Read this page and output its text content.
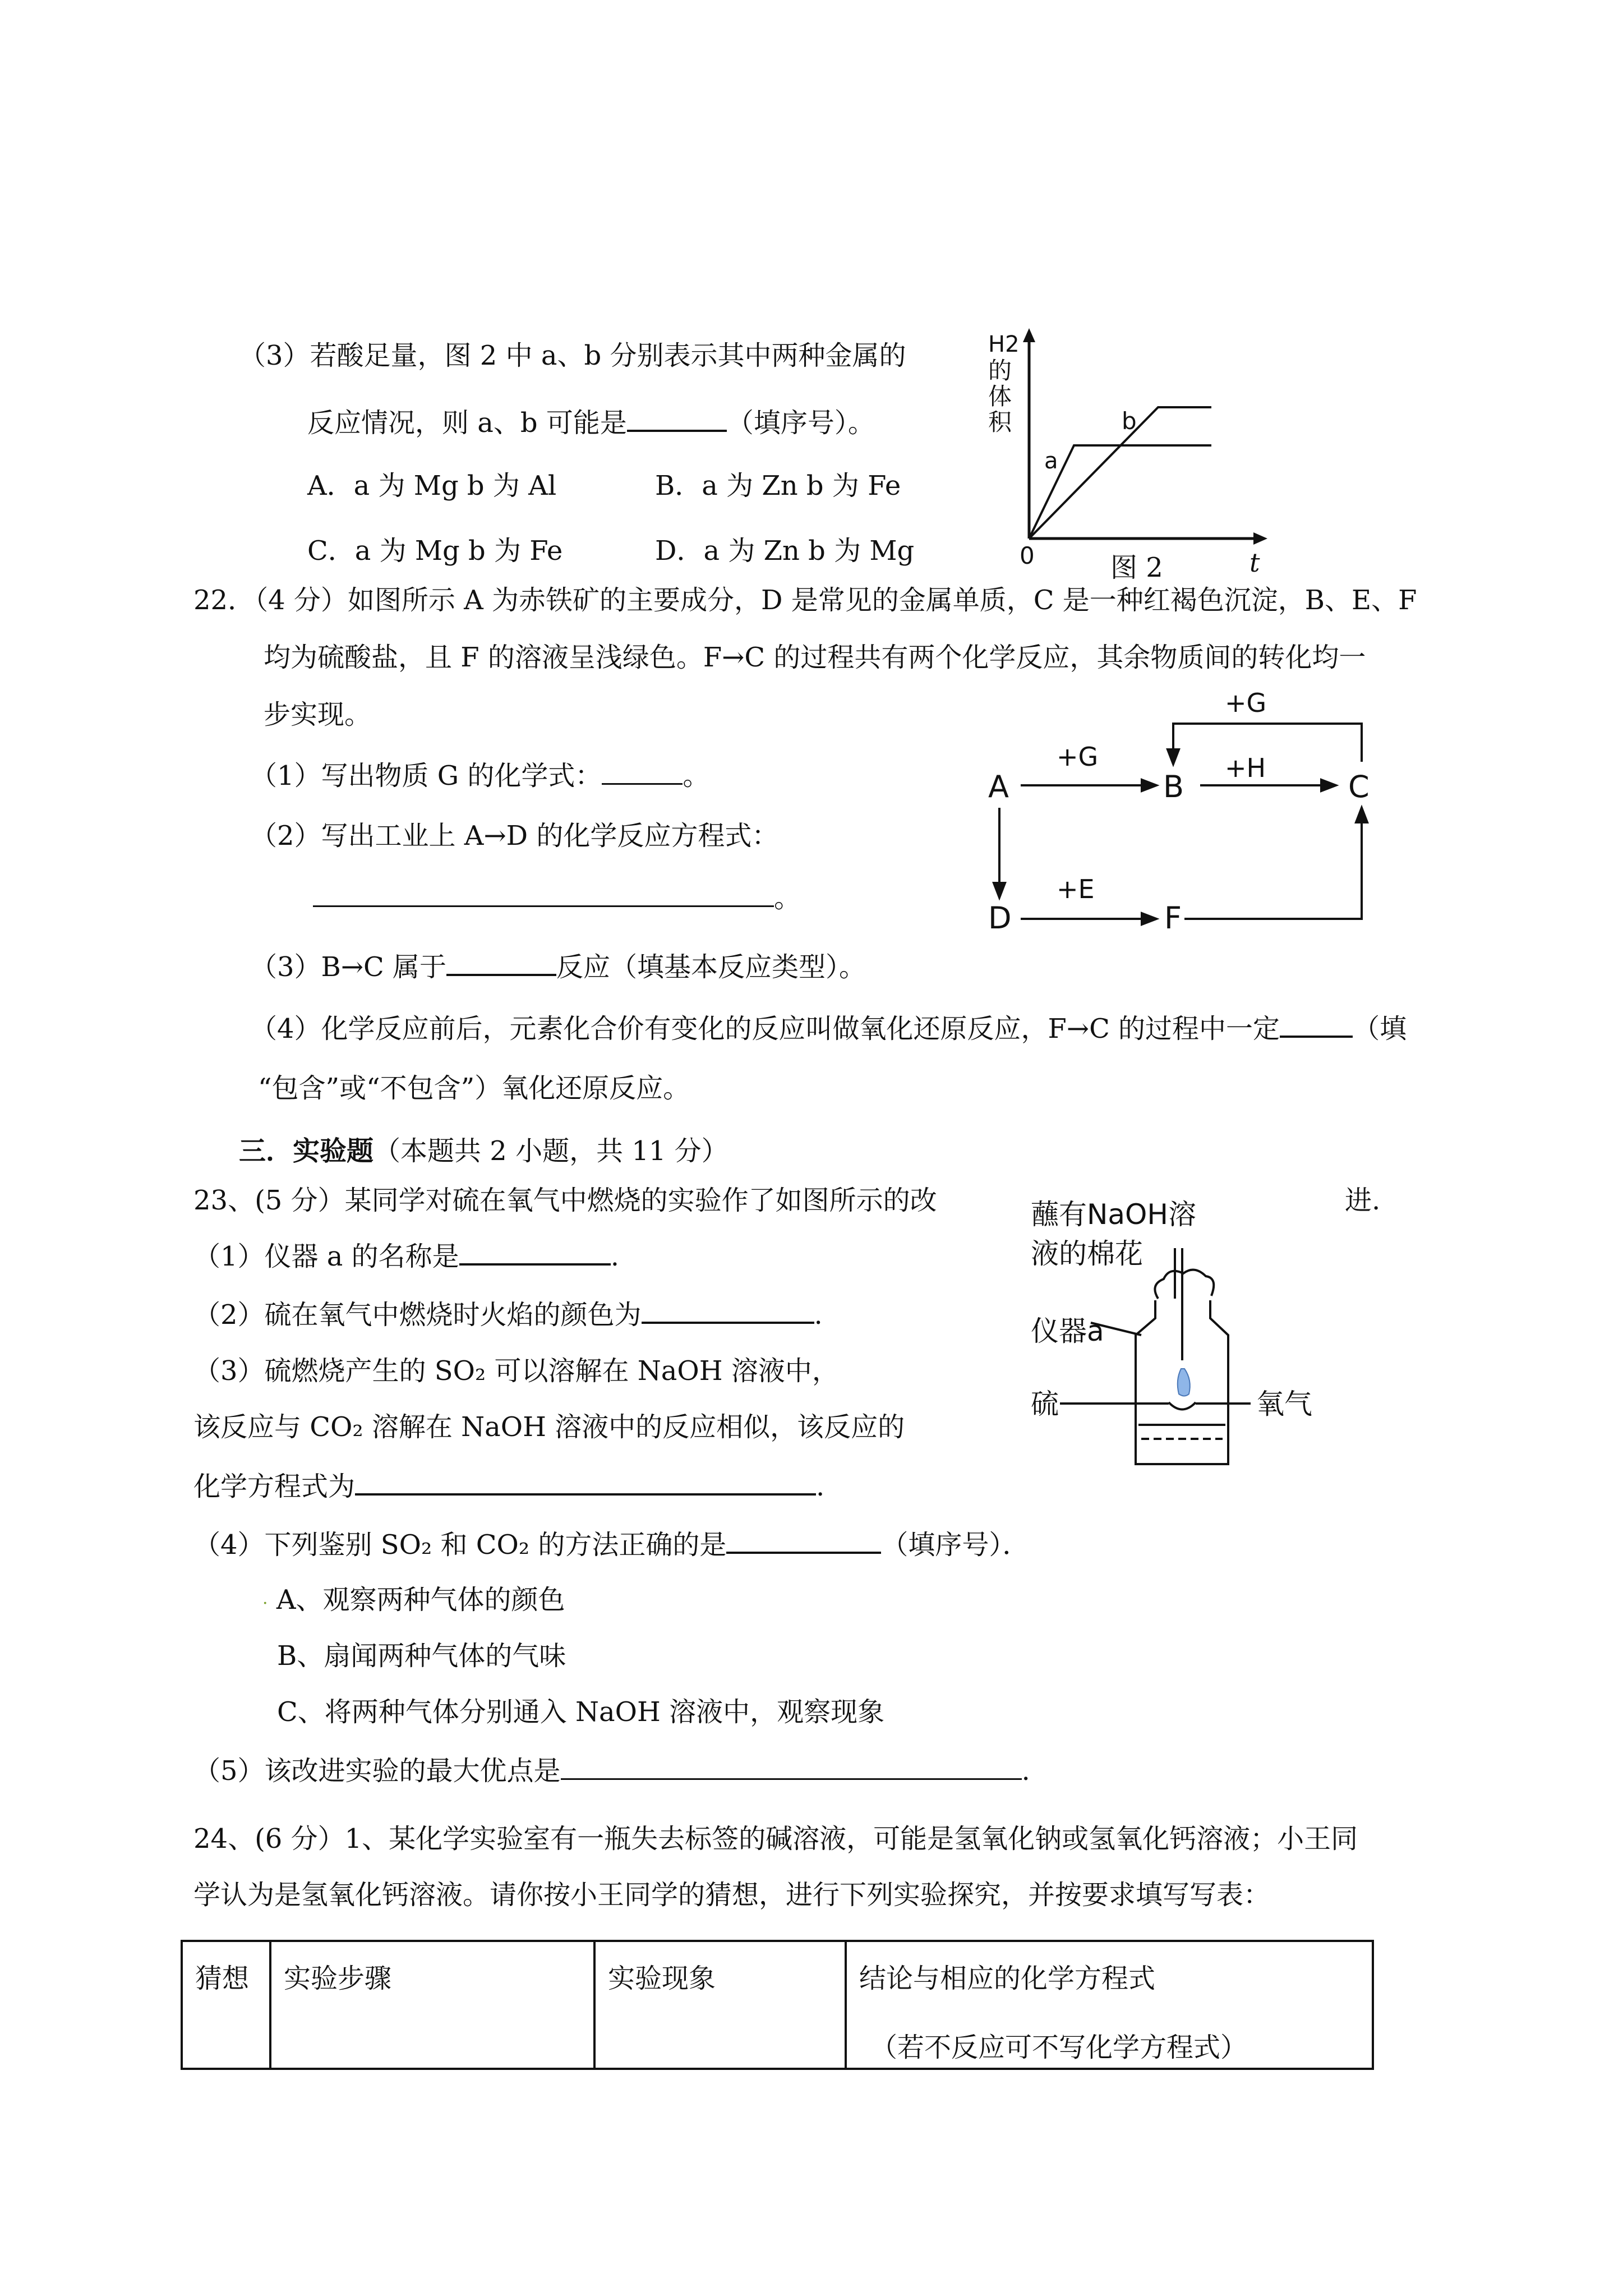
（3）若酸足量，图 2 中 a、b 分别表示其中两种金属的
反应情况，则 a、b 可能是	（填序号）。
A．a 为 Mg b 为 Al	B．a 为 Zn b 为 Fe
C．a 为 Mg b 为 Fe	D．a 为 Zn b 为 Mg
H2
的
体
积
a
b
0	图 2	t
22．（4 分）如图所示 A 为赤铁矿的主要成分，D 是常见的金属单质，C 是一种红褐色沉淀，B、E、F
均为硫酸盐，且 F 的溶液呈浅绿色。F→C 的过程共有两个化学反应，其余物质间的转化均一
步实现。
（1）写出物质 G 的化学式：	。
（2）写出工业上 A→D 的化学反应方程式：
。
（3）B→C 属于	反应（填基本反应类型）。
（4）化学反应前后，元素化合价有变化的反应叫做氧化还原反应，F→C 的过程中一定	（填
“包含”或“不包含”）氧化还原反应。
A	B	C
D	F
+G	+H
+E
+G
三．实验题（本题共 2 小题，共 11 分）
23、(5 分）某同学对硫在氧气中燃烧的实验作了如图所示的改	进.
（1）仪器 a 的名称是	.
（2）硫在氧气中燃烧时火焰的颜色为	.
（3）硫燃烧产生的 SO₂ 可以溶解在 NaOH 溶液中，
该反应与 CO₂ 溶解在 NaOH 溶液中的反应相似，该反应的
化学方程式为	.
（4）下列鉴别 SO₂ 和 CO₂ 的方法正确的是	（填序号）．
· A、观察两种气体的颜色
B、扇闻两种气体的气味
C、将两种气体分别通入 NaOH 溶液中，观察现象
（5）该改进实验的最大优点是	.
蘸有NaOH溶
液的棉花
仪器a
硫	氧气
24、(6 分）1、某化学实验室有一瓶失去标签的碱溶液，可能是氢氧化钠或氢氧化钙溶液；小王同
学认为是氢氧化钙溶液。请你按小王同学的猜想，进行下列实验探究，并按要求填写写表：
猜想	实验步骤	实验现象	结论与相应的化学方程式
（若不反应可不写化学方程式）
